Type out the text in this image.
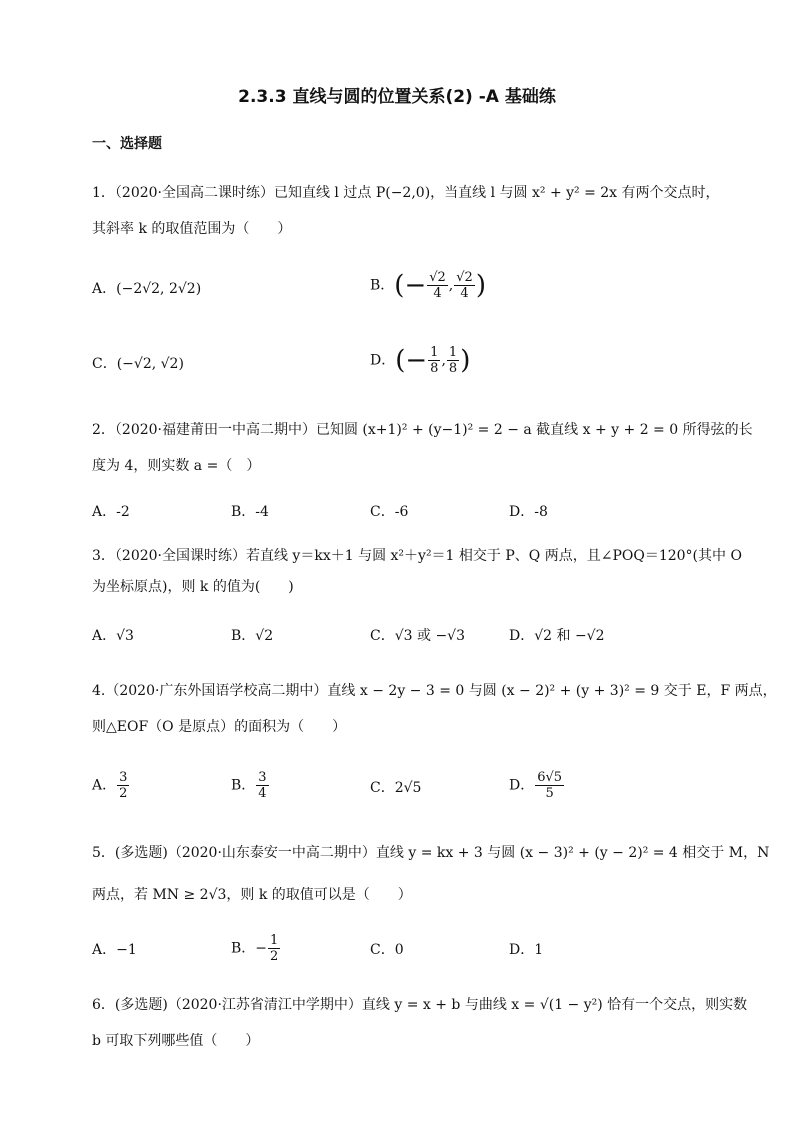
2.3.3 直线与圆的位置关系(2) -A 基础练
一、选择题
1．（2020·全国高二课时练）已知直线 l 过点 P(−2,0)，当直线 l 与圆 x² + y² = 2x 有两个交点时，
其斜率 k 的取值范围为（　　）
A．(−2√2, 2√2)	B．(− $\frac{√2}{4}$ , $\frac{√2}{4}$ )
C．(−√2, √2)	D．(− $\frac{1}{8}$ , $\frac{1}{8}$ )
2．（2020·福建莆田一中高二期中）已知圆 (x+1)² + (y−1)² = 2 − a 截直线 x + y + 2 = 0 所得弦的长
度为 4，则实数 a =（　）
A．-2	B．-4	C．-6	D．-8
3．（2020·全国课时练）若直线 y＝kx＋1 与圆 x²＋y²＝1 相交于 P、Q 两点，且∠POQ＝120°(其中 O
为坐标原点)，则 k 的值为(　　)
A．√3	B．√2	C．√3 或 −√3	D．√2 和 −√2
4.（2020·广东外国语学校高二期中）直线 x − 2y − 3 = 0 与圆 (x − 2)² + (y + 3)² = 9 交于 E，F 两点，
则△EOF（O 是原点）的面积为（　　）
A． $\frac{3}{2}$	B． $\frac{3}{4}$	C．2√5	D． $\frac{6√5}{5}$
5．(多选题)（2020·山东泰安一中高二期中）直线 y = kx + 3 与圆 (x − 3)² + (y − 2)² = 4 相交于 M，N
两点，若 MN ≥ 2√3，则 k 的取值可以是（　　）
A．−1	B．− $\frac{1}{2}$	C．0	D．1
6．(多选题)（2020·江苏省清江中学期中）直线 y = x + b 与曲线 x = √(1 − y²) 恰有一个交点，则实数
b 可取下列哪些值（　　）
